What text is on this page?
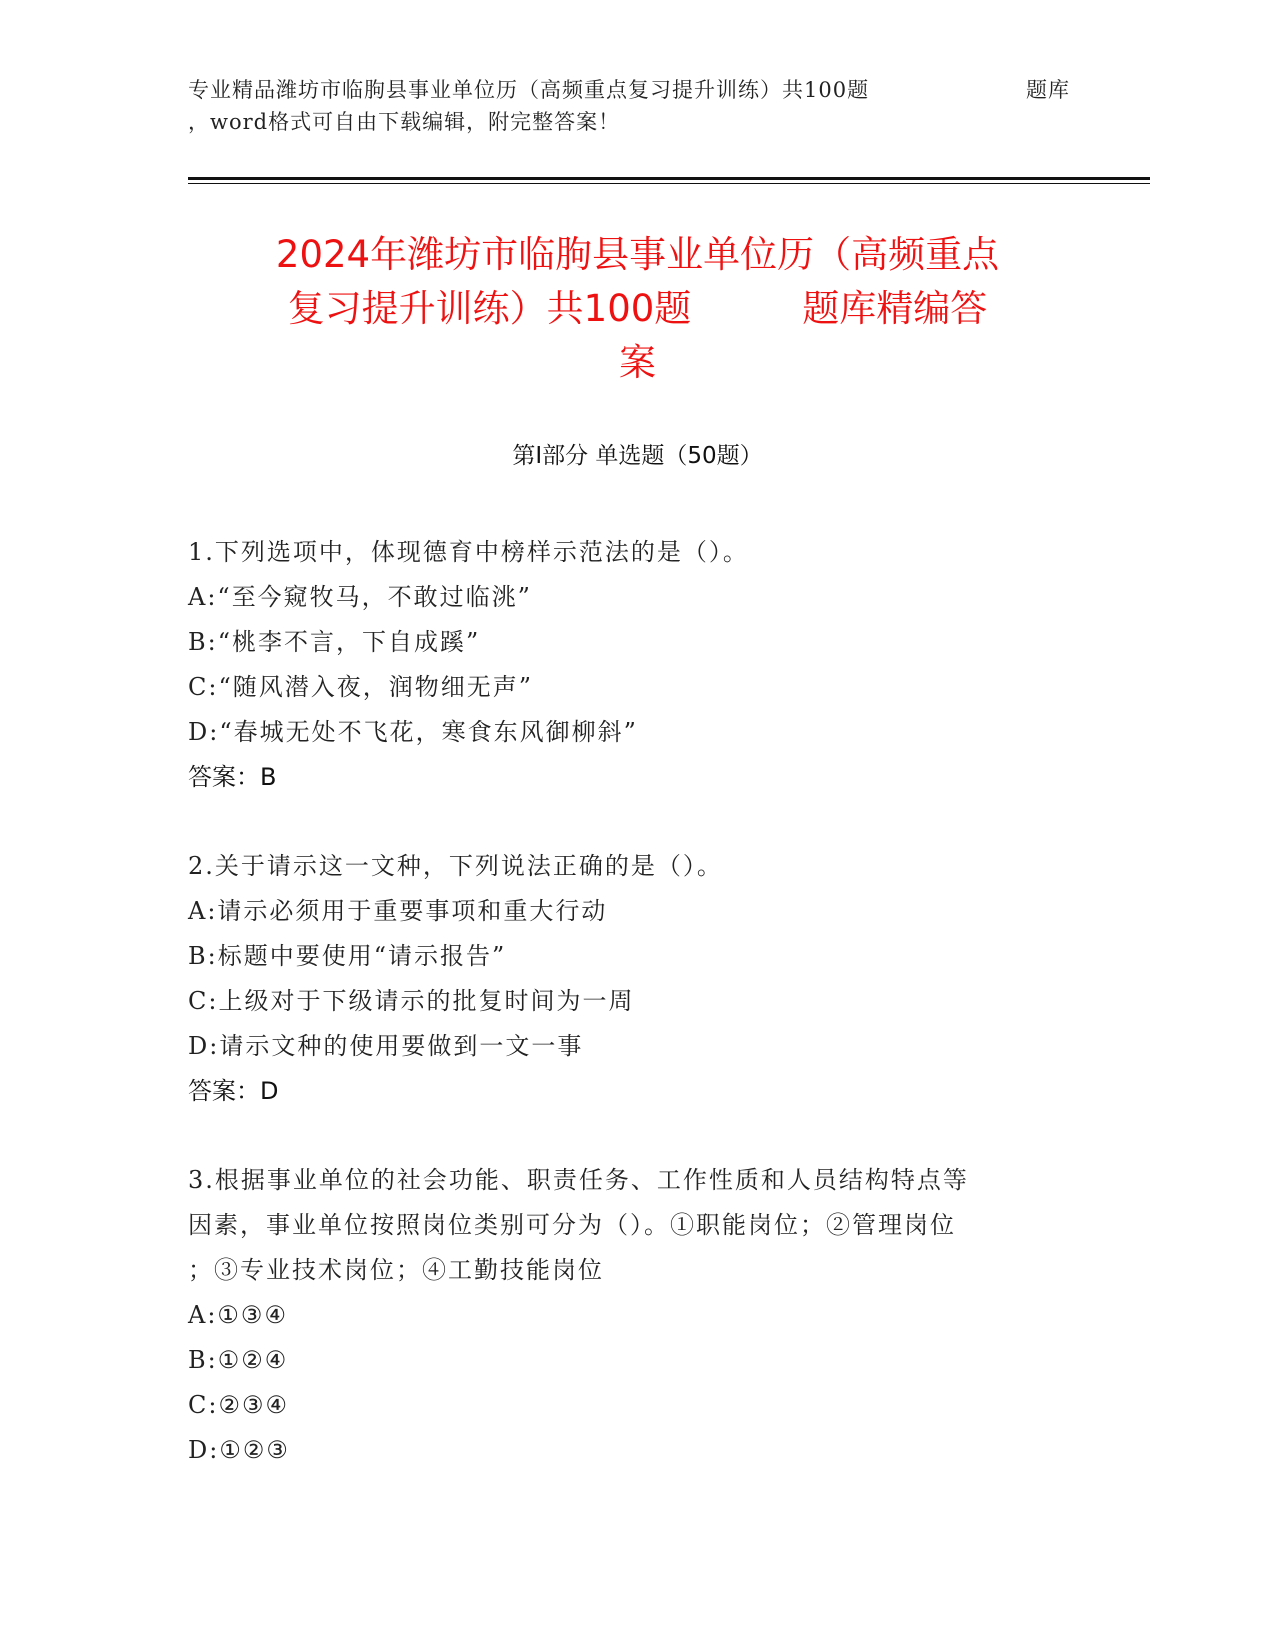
专业精品潍坊市临朐县事业单位历（高频重点复习提升训练）共100题	题库
，word格式可自由下载编辑，附完整答案！
2024年潍坊市临朐县事业单位历（高频重点
复习提升训练）共100题　　　题库精编答
案
第Ⅰ部分 单选题（50题）
1.下列选项中，体现德育中榜样示范法的是（）。
A:“至今窥牧马，不敢过临洮”
B:“桃李不言，下自成蹊”
C:“随风潜入夜，润物细无声”
D:“春城无处不飞花，寒食东风御柳斜”
答案：B
2.关于请示这一文种，下列说法正确的是（）。
A:请示必须用于重要事项和重大行动
B:标题中要使用“请示报告”
C:上级对于下级请示的批复时间为一周
D:请示文种的使用要做到一文一事
答案：D
3.根据事业单位的社会功能、职责任务、工作性质和人员结构特点等
因素，事业单位按照岗位类别可分为（）。①职能岗位；②管理岗位
；③专业技术岗位；④工勤技能岗位
A:①③④
B:①②④
C:②③④
D:①②③
